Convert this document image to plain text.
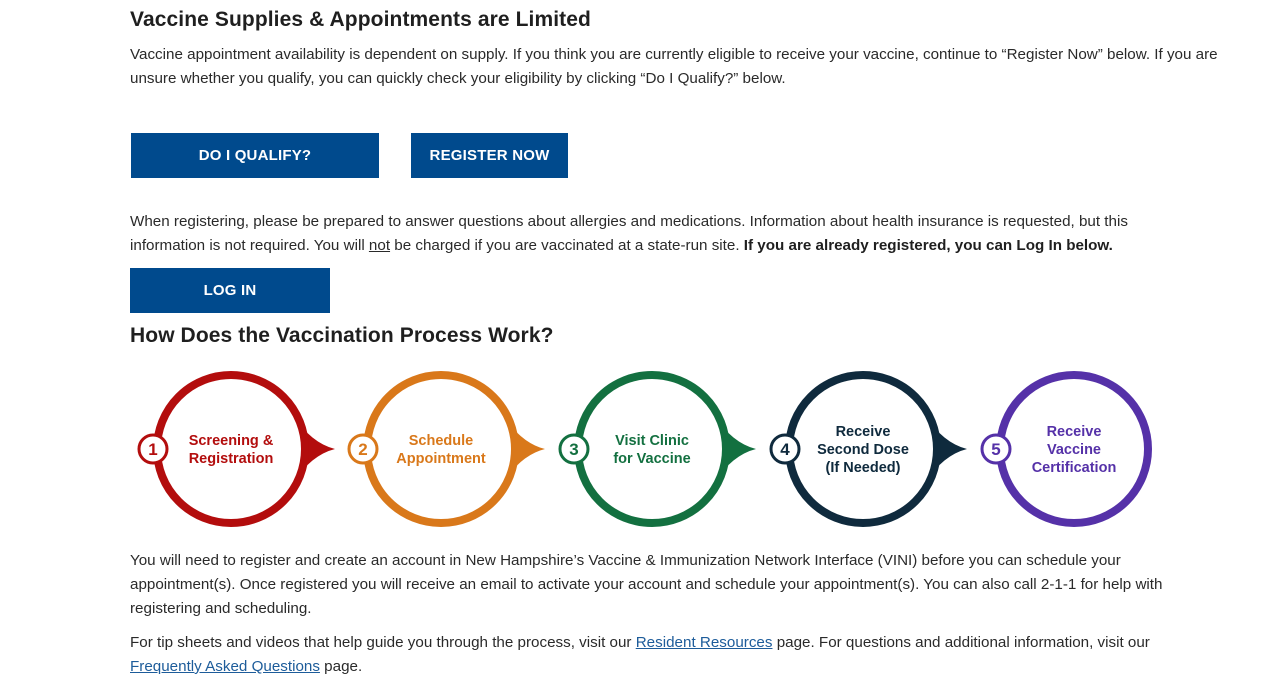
Vaccine Supplies & Appointments are Limited

Vaccine appointment availability is dependent on supply. If you think you are currently eligible to receive your vaccine, continue to “Register Now” below. If you are unsure whether you qualify, you can quickly check your eligibility by clicking “Do I Qualify?” below.

DO I QUALIFY?	REGISTER NOW

When registering, please be prepared to answer questions about allergies and medications. Information about health insurance is requested, but this information is not required. You will not be charged if you are vaccinated at a state-run site. If you are already registered, you can Log In below.

LOG IN
How Does the Vaccination Process Work?
1 Screening &
Registration	2	Schedule
Appointment	3	Visit Clinic
for Vaccine	4
Receive
Second Dose
(If Needed)
5
Receive
Vaccine
Certification

You will need to register and create an account in New Hampshire’s Vaccine & Immunization Network Interface (VINI) before you can schedule your appointment(s). Once registered you will receive an email to activate your account and schedule your appointment(s). You can also call 2-1-1 for help with registering and scheduling.

For tip sheets and videos that help guide you through the process, visit our Resident Resources page. For questions and additional information, visit our Frequently Asked Questions page.
